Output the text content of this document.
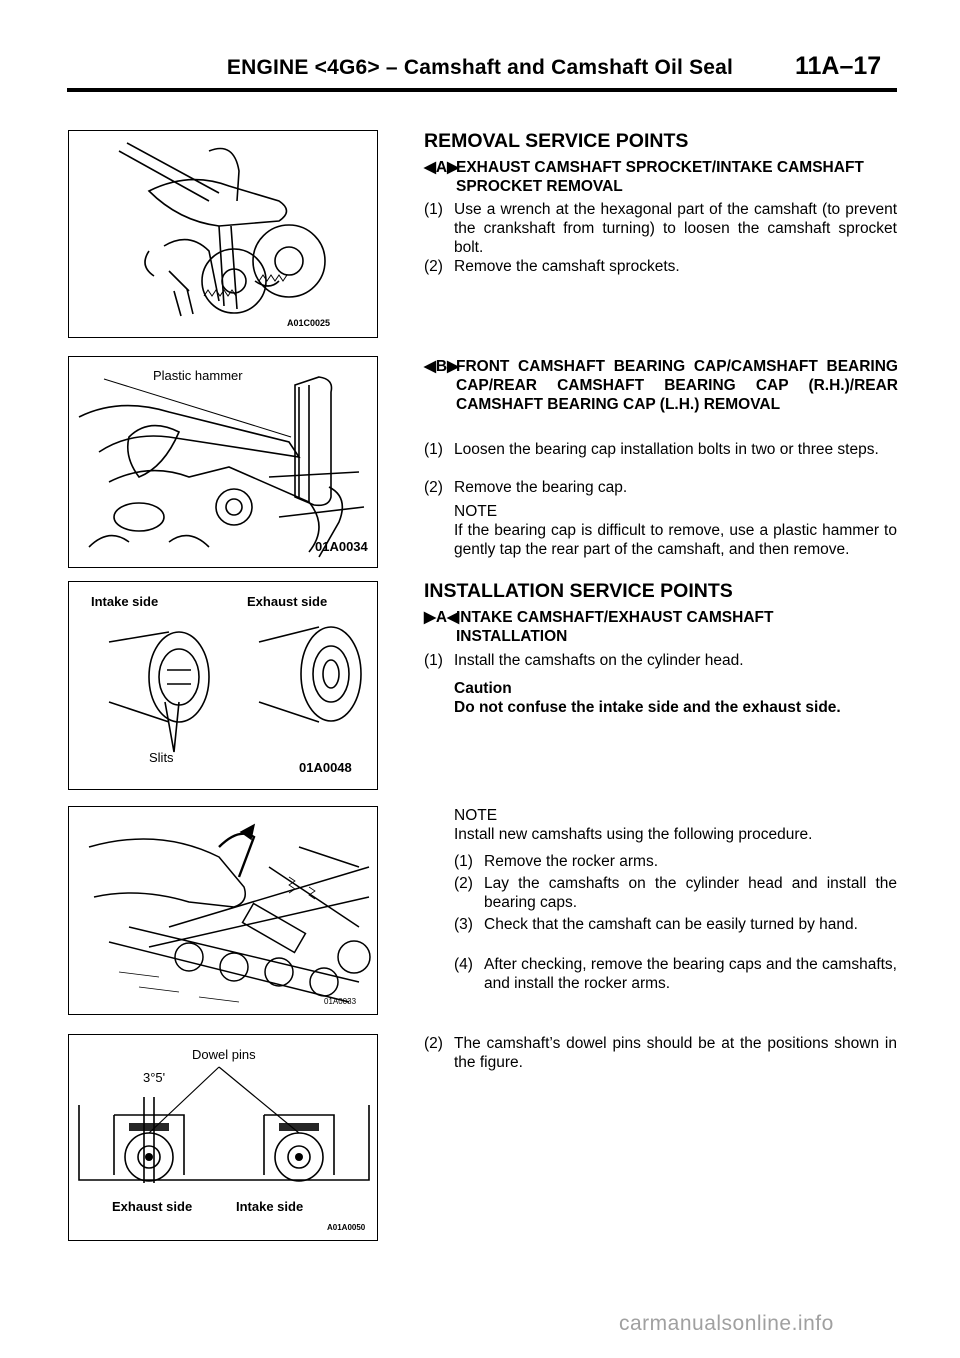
ENGINE <4G6> – Camshaft and Camshaft Oil Seal	11A–17
A01C0025
Plastic hammer
01A0034
Intake side	Exhaust side
Slits
01A0048
01A0033
Dowel pins
3°5'
Exhaust side	Intake side
A01A0050
REMOVAL SERVICE POINTS
◀A▶
EXHAUST CAMSHAFT SPROCKET/INTAKE CAMSHAFT SPROCKET REMOVAL
(1) Use a wrench at the hexagonal part of the camshaft (to prevent the crankshaft from turning) to loosen the camshaft sprocket bolt.
(2) Remove the camshaft sprockets.
◀B▶
FRONT CAMSHAFT BEARING CAP/CAMSHAFT BEARING CAP/REAR CAMSHAFT BEARING CAP (R.H.)/REAR CAMSHAFT BEARING CAP (L.H.) REMOVAL
(1) Loosen the bearing cap installation bolts in two or three steps.
(2) Remove the bearing cap.
NOTE
If the bearing cap is difficult to remove, use a plastic hammer to gently tap the rear part of the camshaft, and then remove.
INSTALLATION SERVICE POINTS
▶A◀
INTAKE CAMSHAFT/EXHAUST CAMSHAFT INSTALLATION
(1) Install the camshafts on the cylinder head.
Caution
Do not confuse the intake side and the exhaust side.
NOTE
Install new camshafts using the following procedure.
(1) Remove the rocker arms.
(2) Lay the camshafts on the cylinder head and install the bearing caps.
(3) Check that the camshaft can be easily turned by hand.
(4) After checking, remove the bearing caps and the camshafts, and install the rocker arms.
(2) The camshaft’s dowel pins should be at the positions shown in the figure.
carmanualsonline.info
